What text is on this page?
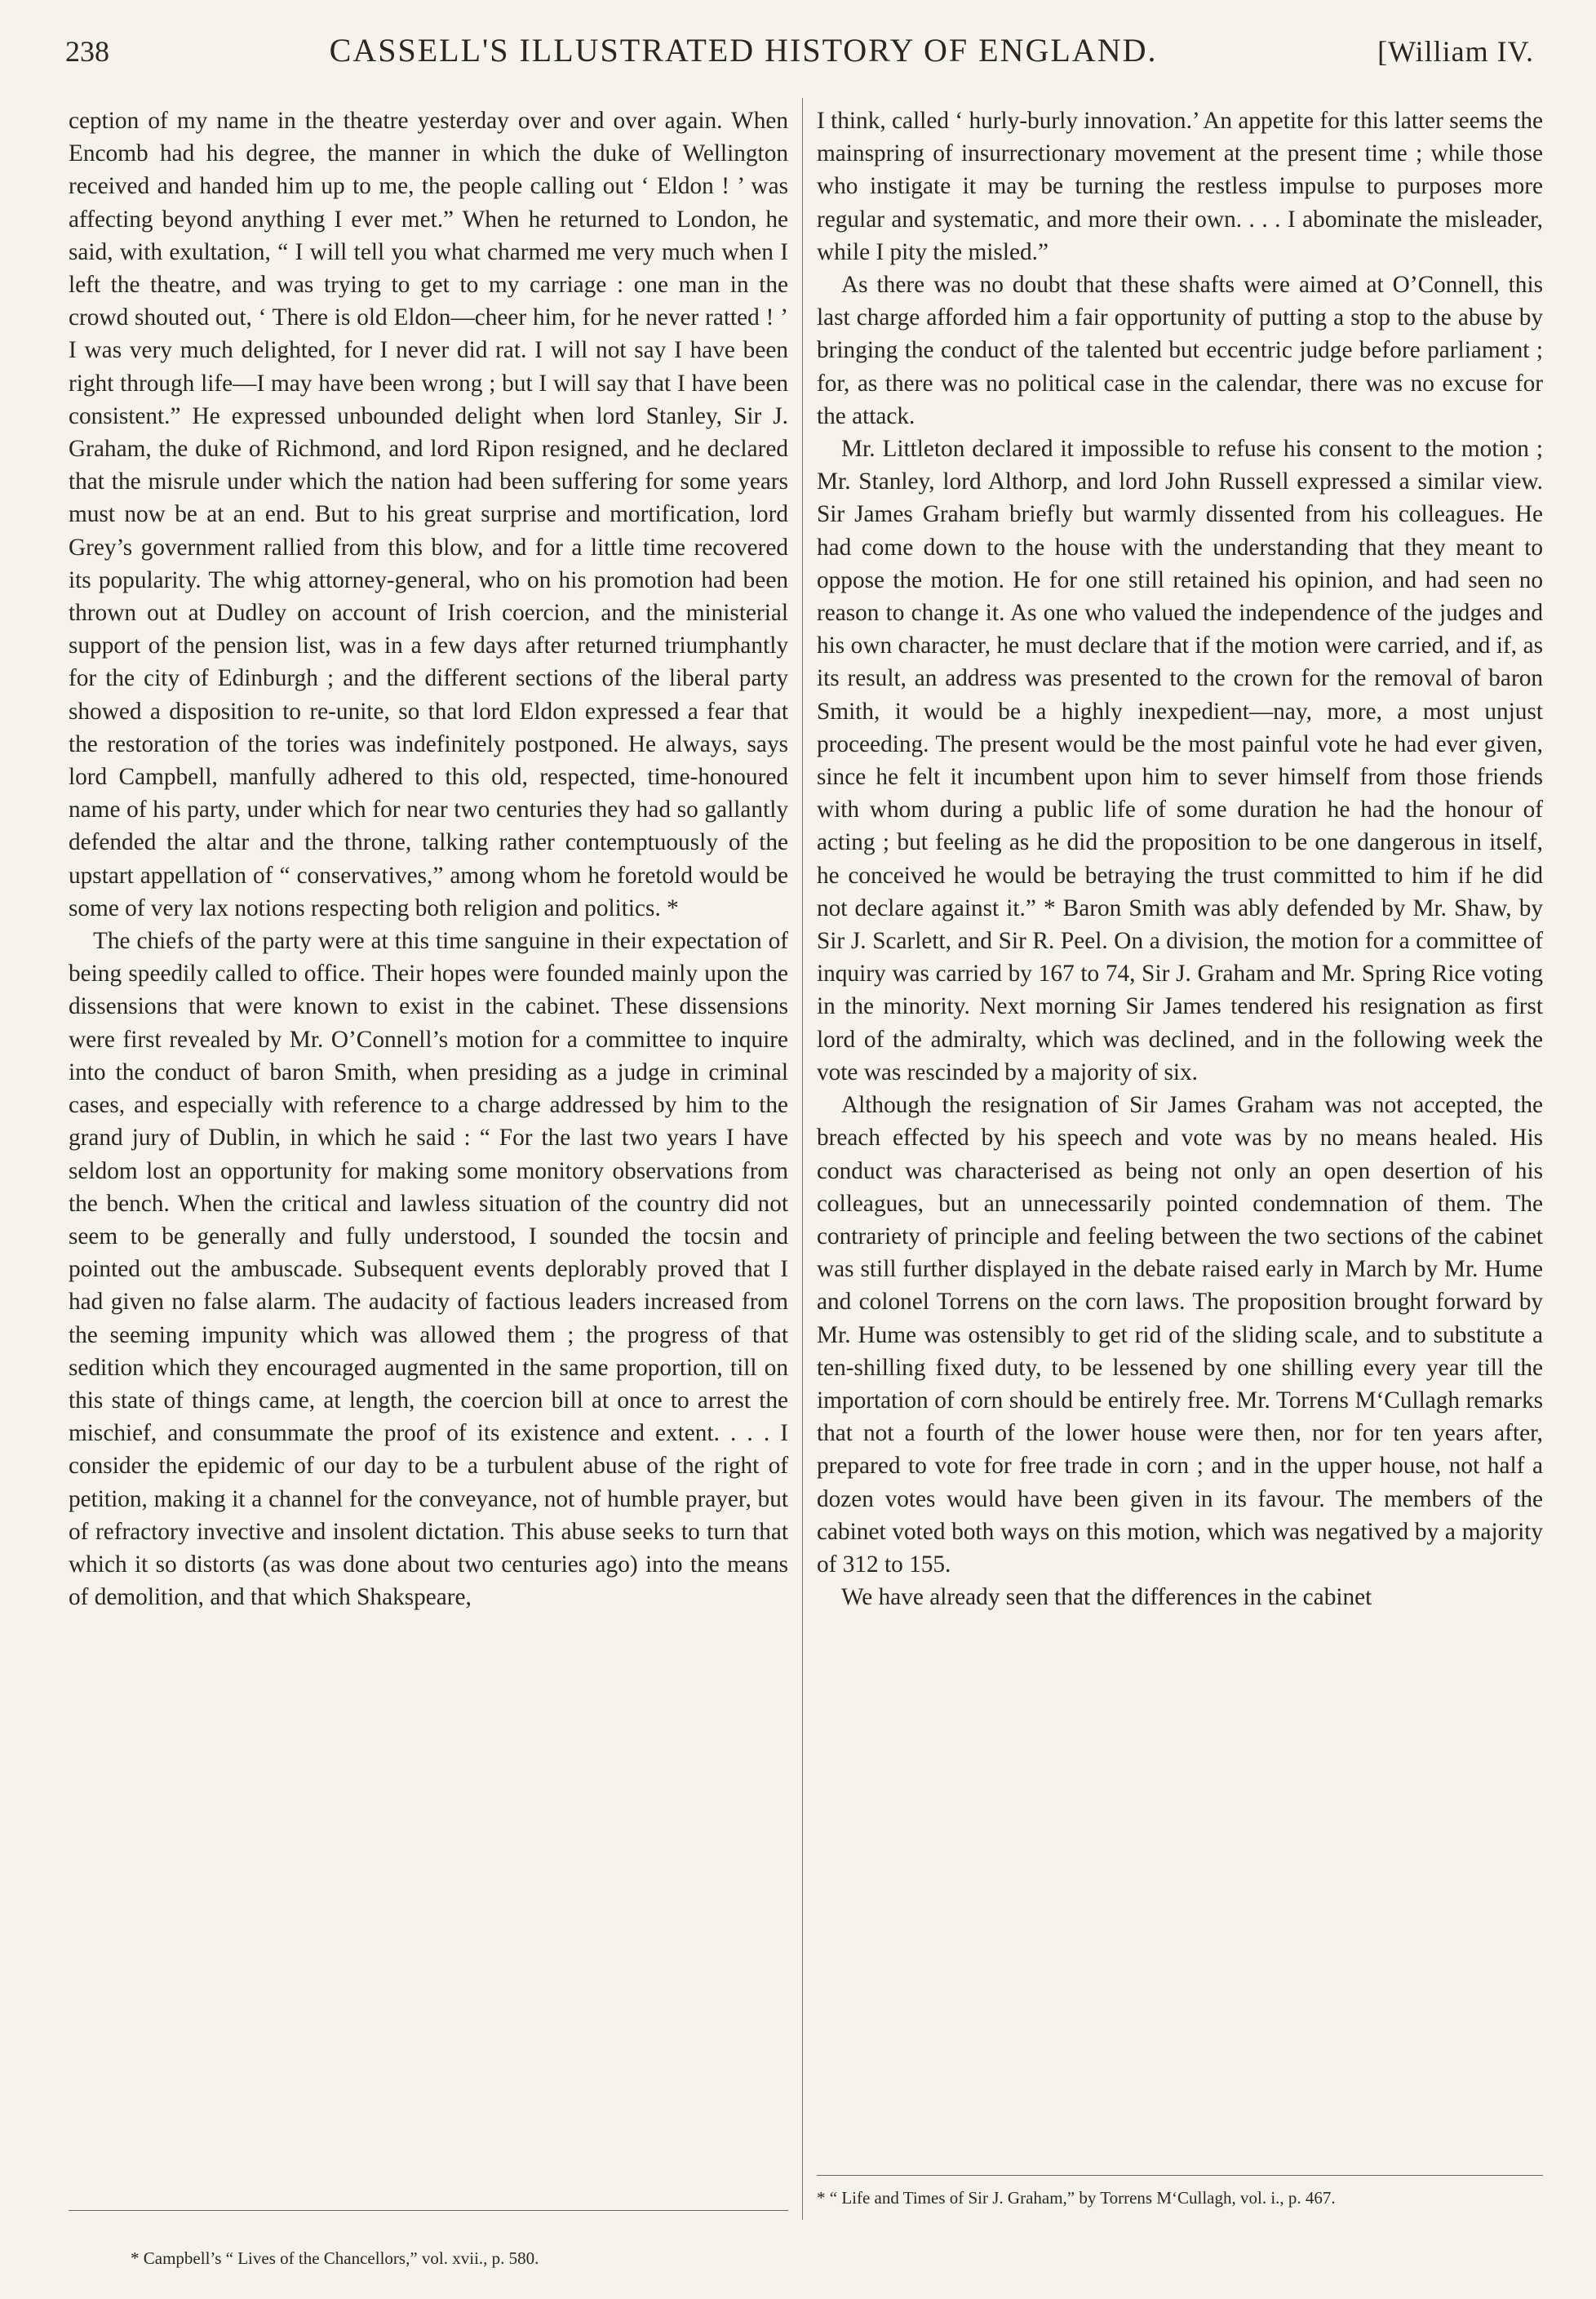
238	CASSELL'S ILLUSTRATED HISTORY OF ENGLAND.	[William IV.

ception of my name in the theatre yesterday over and over again. When Encomb had his degree, the manner in which the duke of Wellington received and handed him up to me, the people calling out ‘ Eldon ! ’ was affecting beyond anything I ever met.” When he returned to London, he said, with exultation, “ I will tell you what charmed me very much when I left the theatre, and was trying to get to my carriage : one man in the crowd shouted out, ‘ There is old Eldon—cheer him, for he never ratted ! ’ I was very much delighted, for I never did rat. I will not say I have been right through life—I may have been wrong ; but I will say that I have been consistent.” He expressed unbounded delight when lord Stanley, Sir J. Graham, the duke of Richmond, and lord Ripon resigned, and he declared that the misrule under which the nation had been suffering for some years must now be at an end. But to his great surprise and mortification, lord Grey’s government rallied from this blow, and for a little time recovered its popularity. The whig attorney-general, who on his promotion had been thrown out at Dudley on account of Irish coercion, and the ministerial support of the pension list, was in a few days after returned triumphantly for the city of Edinburgh ; and the different sections of the liberal party showed a disposition to re-unite, so that lord Eldon expressed a fear that the restoration of the tories was indefinitely postponed. He always, says lord Campbell, manfully adhered to this old, respected, time-honoured name of his party, under which for near two centuries they had so gallantly defended the altar and the throne, talking rather contemptuously of the upstart appellation of “ conservatives,” among whom he foretold would be some of very lax notions respecting both religion and politics. *

The chiefs of the party were at this time sanguine in their expectation of being speedily called to office. Their hopes were founded mainly upon the dissensions that were known to exist in the cabinet. These dissensions were first revealed by Mr. O’Connell’s motion for a committee to inquire into the conduct of baron Smith, when presiding as a judge in criminal cases, and especially with reference to a charge addressed by him to the grand jury of Dublin, in which he said : “ For the last two years I have seldom lost an opportunity for making some monitory observations from the bench. When the critical and lawless situation of the country did not seem to be generally and fully understood, I sounded the tocsin and pointed out the ambuscade. Subsequent events deplorably proved that I had given no false alarm. The audacity of factious leaders increased from the seeming impunity which was allowed them ; the progress of that sedition which they encouraged augmented in the same proportion, till on this state of things came, at length, the coercion bill at once to arrest the mischief, and consummate the proof of its existence and extent. . . . I consider the epidemic of our day to be a turbulent abuse of the right of petition, making it a channel for the conveyance, not of humble prayer, but of refractory invective and insolent dictation. This abuse seeks to turn that which it so distorts (as was done about two centuries ago) into the means of demolition, and that which Shakspeare,

I think, called ‘ hurly-burly innovation.’ An appetite for this latter seems the mainspring of insurrectionary movement at the present time ; while those who instigate it may be turning the restless impulse to purposes more regular and systematic, and more their own. . . . I abominate the misleader, while I pity the misled.”

As there was no doubt that these shafts were aimed at O’Connell, this last charge afforded him a fair opportunity of putting a stop to the abuse by bringing the conduct of the talented but eccentric judge before parliament ; for, as there was no political case in the calendar, there was no excuse for the attack.

Mr. Littleton declared it impossible to refuse his consent to the motion ; Mr. Stanley, lord Althorp, and lord John Russell expressed a similar view. Sir James Graham briefly but warmly dissented from his colleagues. He had come down to the house with the understanding that they meant to oppose the motion. He for one still retained his opinion, and had seen no reason to change it. As one who valued the independence of the judges and his own character, he must declare that if the motion were carried, and if, as its result, an address was presented to the crown for the removal of baron Smith, it would be a highly inexpedient—nay, more, a most unjust proceeding. The present would be the most painful vote he had ever given, since he felt it incumbent upon him to sever himself from those friends with whom during a public life of some duration he had the honour of acting ; but feeling as he did the proposition to be one dangerous in itself, he conceived he would be betraying the trust committed to him if he did not declare against it.” * Baron Smith was ably defended by Mr. Shaw, by Sir J. Scarlett, and Sir R. Peel. On a division, the motion for a committee of inquiry was carried by 167 to 74, Sir J. Graham and Mr. Spring Rice voting in the minority. Next morning Sir James tendered his resignation as first lord of the admiralty, which was declined, and in the following week the vote was rescinded by a majority of six.

Although the resignation of Sir James Graham was not accepted, the breach effected by his speech and vote was by no means healed. His conduct was characterised as being not only an open desertion of his colleagues, but an unnecessarily pointed condemnation of them. The contrariety of principle and feeling between the two sections of the cabinet was still further displayed in the debate raised early in March by Mr. Hume and colonel Torrens on the corn laws. The proposition brought forward by Mr. Hume was ostensibly to get rid of the sliding scale, and to substitute a ten-shilling fixed duty, to be lessened by one shilling every year till the importation of corn should be entirely free. Mr. Torrens M‘Cullagh remarks that not a fourth of the lower house were then, nor for ten years after, prepared to vote for free trade in corn ; and in the upper house, not half a dozen votes would have been given in its favour. The members of the cabinet voted both ways on this motion, which was negatived by a majority of 312 to 155.

We have already seen that the differences in the cabinet

* Campbell’s “ Lives of the Chancellors,” vol. xvii., p. 580.
* “ Life and Times of Sir J. Graham,” by Torrens M‘Cullagh, vol. i., p. 467.
